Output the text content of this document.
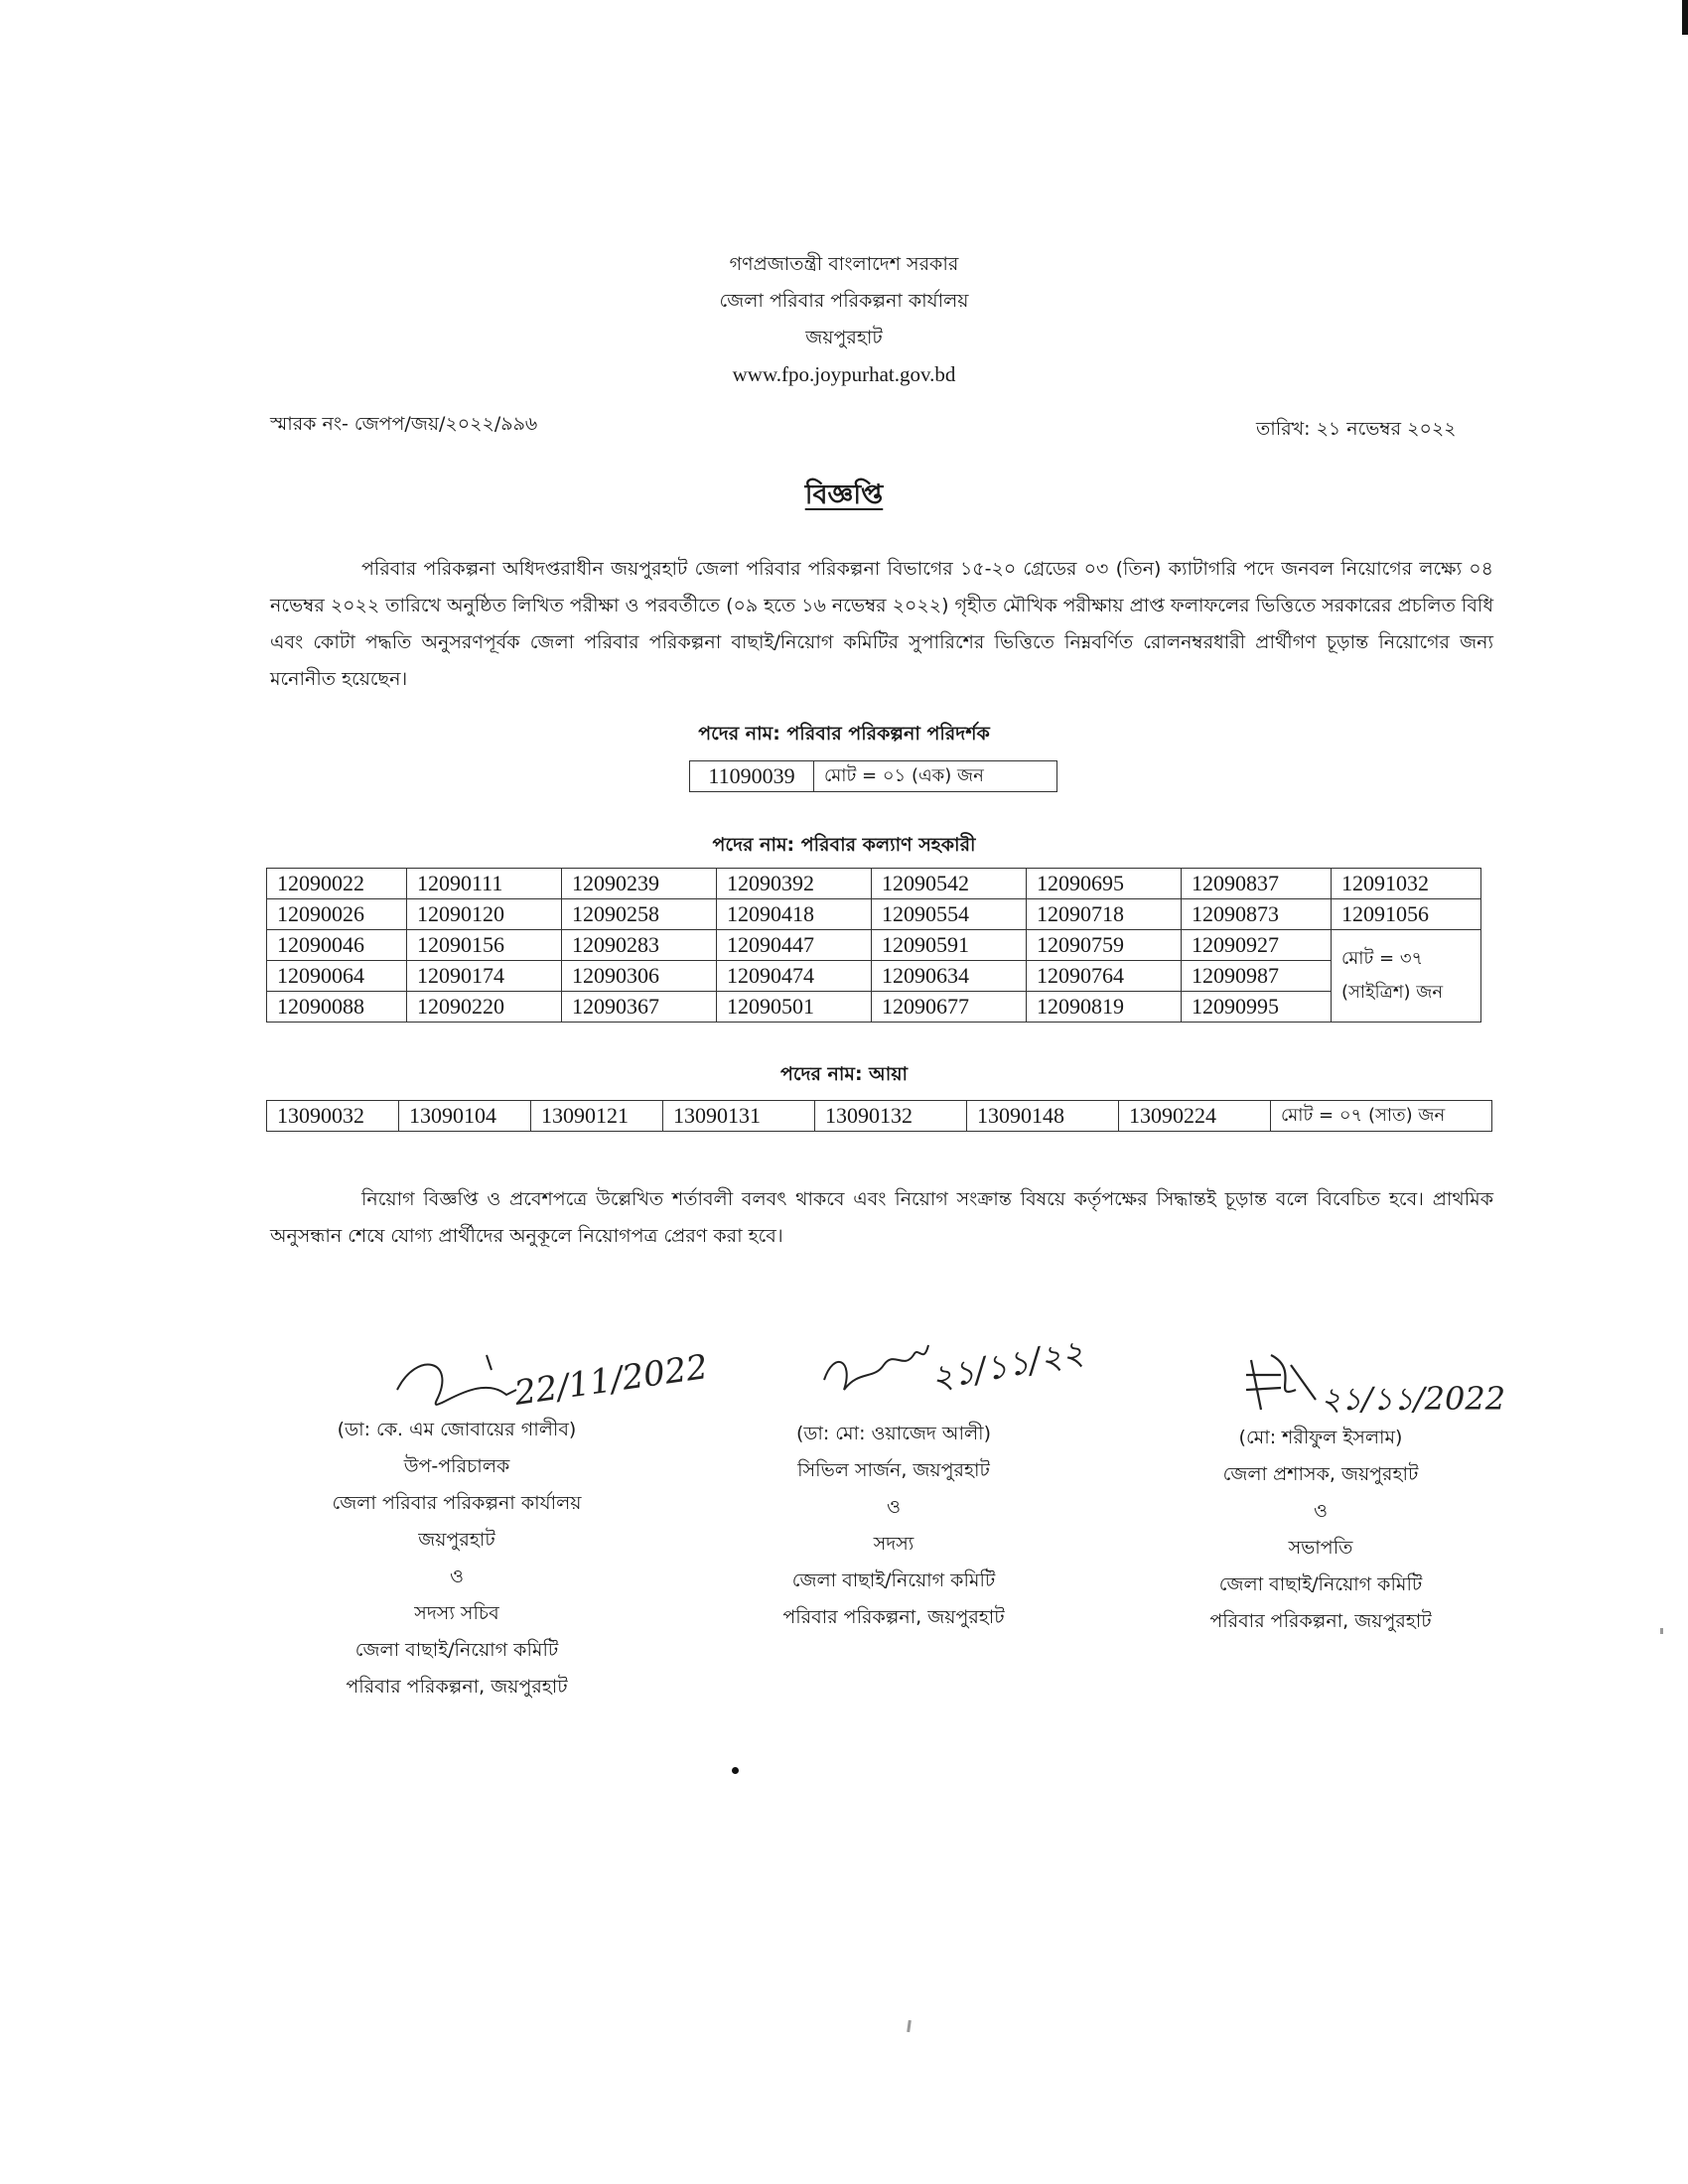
গণপ্রজাতন্ত্রী বাংলাদেশ সরকার
জেলা পরিবার পরিকল্পনা কার্যালয়
জয়পুরহাট
www.fpo.joypurhat.gov.bd
স্মারক নং- জেপপ/জয়/২০২২/৯৯৬	তারিখ: ২১ নভেম্বর ২০২২
বিজ্ঞপ্তি

পরিবার পরিকল্পনা অধিদপ্তরাধীন জয়পুরহাট জেলা পরিবার পরিকল্পনা বিভাগের ১৫-২০ গ্রেডের ০৩ (তিন) ক্যাটাগরি পদে জনবল নিয়োগের লক্ষ্যে ০৪ নভেম্বর ২০২২ তারিখে অনুষ্ঠিত লিখিত পরীক্ষা ও পরবর্তীতে (০৯ হতে ১৬ নভেম্বর ২০২২) গৃহীত মৌখিক পরীক্ষায় প্রাপ্ত ফলাফলের ভিত্তিতে সরকারের প্রচলিত বিধি এবং কোটা পদ্ধতি অনুসরণপূর্বক জেলা পরিবার পরিকল্পনা বাছাই/নিয়োগ কমিটির সুপারিশের ভিত্তিতে নিম্নবর্ণিত রোলনম্বরধারী প্রার্থীগণ চূড়ান্ত নিয়োগের জন্য মনোনীত হয়েছেন।

পদের নাম: পরিবার পরিকল্পনা পরিদর্শক
11090039	মোট = ০১ (এক) জন
পদের নাম: পরিবার কল্যাণ সহকারী
12090022	12090111	12090239	12090392	12090542	12090695	12090837	12091032
12090026	12090120	12090258	12090418	12090554	12090718	12090873	12091056
12090046	12090156	12090283	12090447	12090591	12090759	12090927	মোট = ৩৭ (সাইত্রিশ) জন
12090064	12090174	12090306	12090474	12090634	12090764	12090987	
12090088	12090220	12090367	12090501	12090677	12090819	12090995	
পদের নাম: আয়া
13090032	13090104	13090121	13090131	13090132	13090148	13090224	মোট = ০৭ (সাত) জন

নিয়োগ বিজ্ঞপ্তি ও প্রবেশপত্রে উল্লেখিত শর্তাবলী বলবৎ থাকবে এবং নিয়োগ সংক্রান্ত বিষয়ে কর্তৃপক্ষের সিদ্ধান্তই চূড়ান্ত বলে বিবেচিত হবে। প্রাথমিক অনুসন্ধান শেষে যোগ্য প্রার্থীদের অনুকূলে নিয়োগপত্র প্রেরণ করা হবে।

22/11/2022	২১/১১/২২
২১/১১/2022
(ডা: কে. এম জোবায়ের গালীব)
উপ-পরিচালক
জেলা পরিবার পরিকল্পনা কার্যালয়
জয়পুরহাট
ও
সদস্য সচিব
জেলা বাছাই/নিয়োগ কমিটি
পরিবার পরিকল্পনা, জয়পুরহাট
(ডা: মো: ওয়াজেদ আলী)
সিভিল সার্জন, জয়পুরহাট
ও
সদস্য
জেলা বাছাই/নিয়োগ কমিটি
পরিবার পরিকল্পনা, জয়পুরহাট
(মো: শরীফুল ইসলাম)
জেলা প্রশাসক, জয়পুরহাট
ও
সভাপতি
জেলা বাছাই/নিয়োগ কমিটি
পরিবার পরিকল্পনা, জয়পুরহাট
